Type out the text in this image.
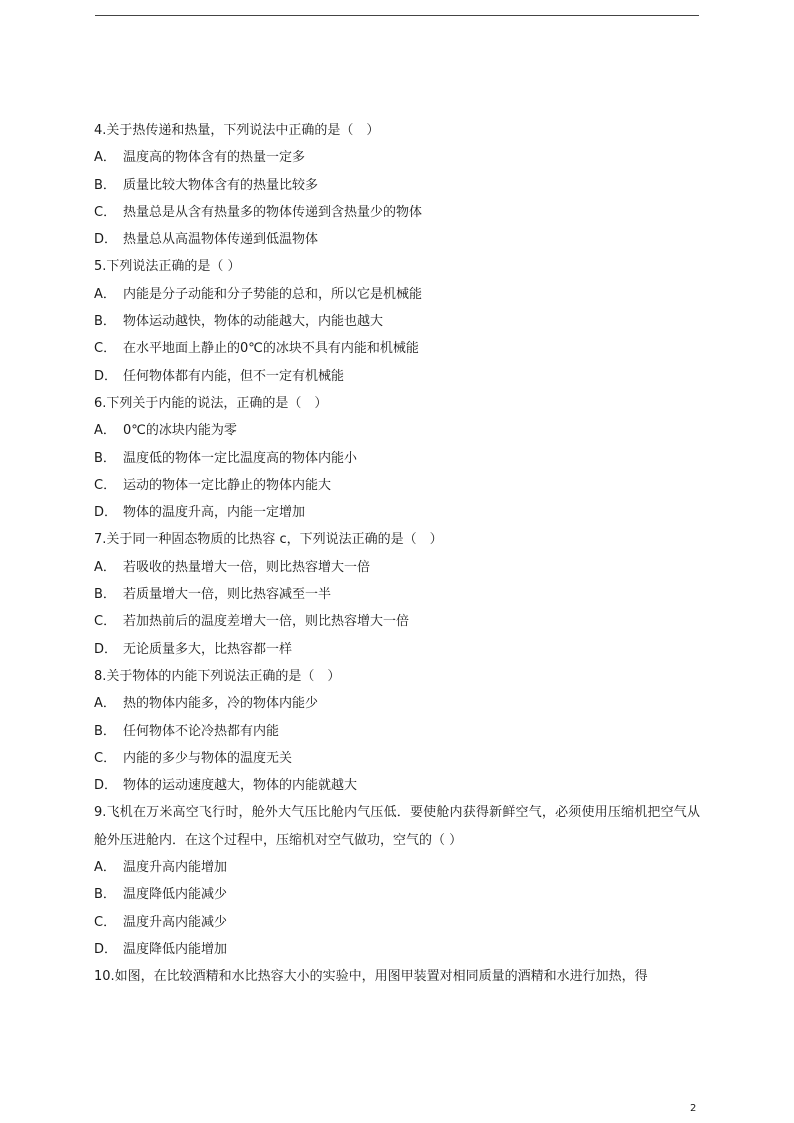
4.关于热传递和热量，下列说法中正确的是（　）
A． 温度高的物体含有的热量一定多
B． 质量比较大物体含有的热量比较多
C． 热量总是从含有热量多的物体传递到含热量少的物体
D． 热量总从高温物体传递到低温物体
5.下列说法正确的是（ ）
A． 内能是分子动能和分子势能的总和，所以它是机械能
B． 物体运动越快，物体的动能越大，内能也越大
C． 在水平地面上静止的0℃的冰块不具有内能和机械能
D． 任何物体都有内能，但不一定有机械能
6.下列关于内能的说法，正确的是（　）
A． 0℃的冰块内能为零
B． 温度低的物体一定比温度高的物体内能小
C． 运动的物体一定比静止的物体内能大
D． 物体的温度升高，内能一定增加
7.关于同一种固态物质的比热容 c，下列说法正确的是（　）
A． 若吸收的热量增大一倍，则比热容增大一倍
B． 若质量增大一倍，则比热容减至一半
C． 若加热前后的温度差增大一倍，则比热容增大一倍
D． 无论质量多大，比热容都一样
8.关于物体的内能下列说法正确的是（　）
A． 热的物体内能多，冷的物体内能少
B． 任何物体不论冷热都有内能
C． 内能的多少与物体的温度无关
D． 物体的运动速度越大，物体的内能就越大
9.飞机在万米高空飞行时，舱外大气压比舱内气压低．要使舱内获得新鲜空气，必须使用压缩机把空气从舱外压进舱内．在这个过程中，压缩机对空气做功，空气的（ ）
A． 温度升高内能增加
B． 温度降低内能减少
C． 温度升高内能减少
D． 温度降低内能增加
10.如图，在比较酒精和水比热容大小的实验中，用图甲装置对相同质量的酒精和水进行加热，得
2
